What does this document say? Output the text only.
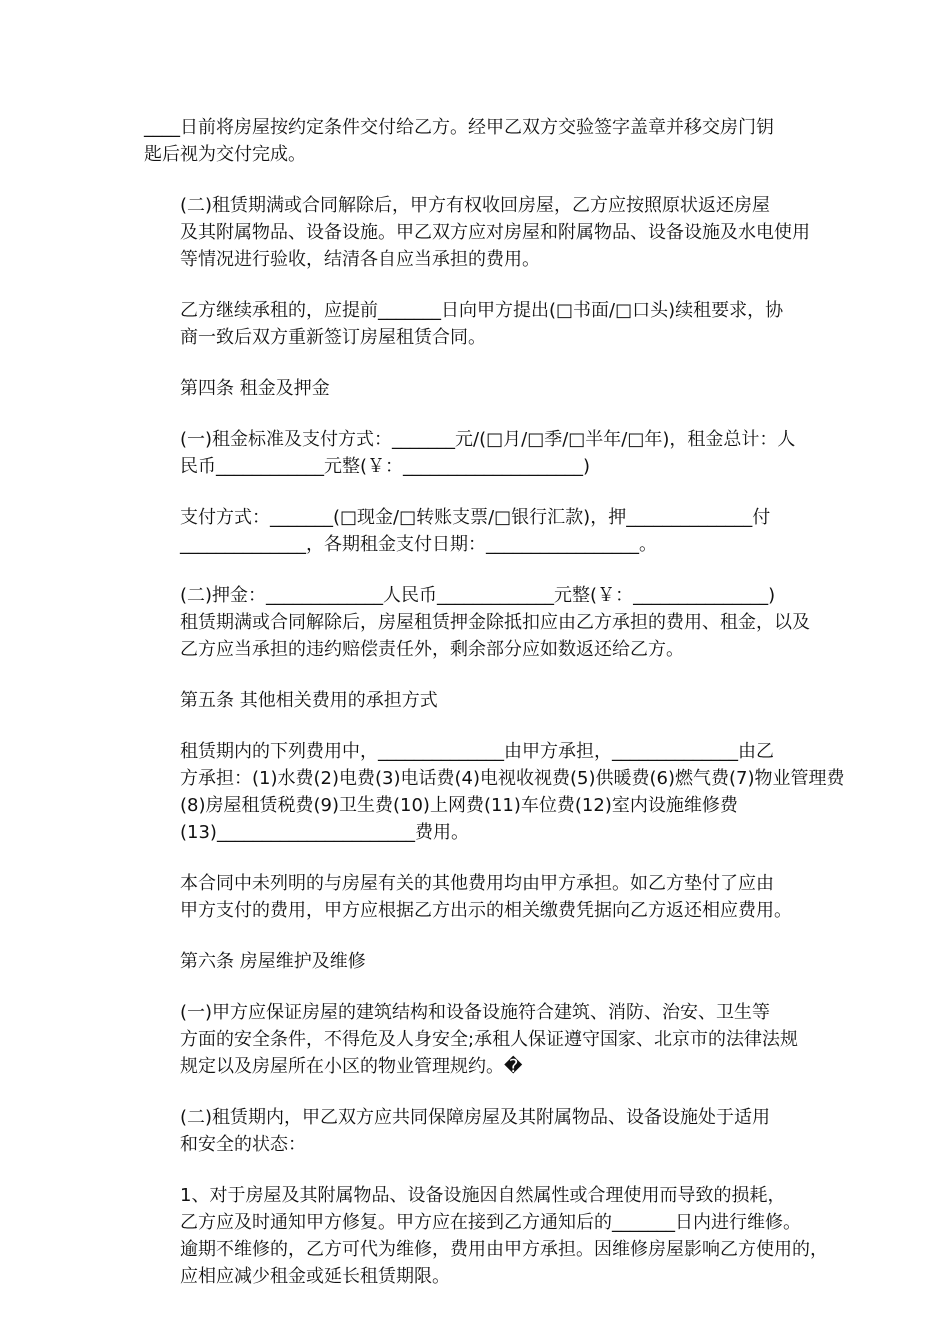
____日前将房屋按约定条件交付给乙方。经甲乙双方交验签字盖章并移交房门钥
匙后视为交付完成。

(二)租赁期满或合同解除后，甲方有权收回房屋，乙方应按照原状返还房屋
及其附属物品、设备设施。甲乙双方应对房屋和附属物品、设备设施及水电使用
等情况进行验收，结清各自应当承担的费用。

乙方继续承租的，应提前_______日向甲方提出(□书面/□口头)续租要求，协
商一致后双方重新签订房屋租赁合同。

第四条 租金及押金

(一)租金标准及支付方式：_______元/(□月/□季/□半年/□年)，租金总计：人
民币____________元整(￥：____________________)

支付方式：_______(□现金/□转账支票/□银行汇款)，押______________付
______________，各期租金支付日期：_________________。

(二)押金：_____________人民币_____________元整(￥：_______________)
租赁期满或合同解除后，房屋租赁押金除抵扣应由乙方承担的费用、租金，以及
乙方应当承担的违约赔偿责任外，剩余部分应如数返还给乙方。

第五条 其他相关费用的承担方式

租赁期内的下列费用中，______________由甲方承担，______________由乙
方承担：(1)水费(2)电费(3)电话费(4)电视收视费(5)供暖费(6)燃气费(7)物业管理费
(8)房屋租赁税费(9)卫生费(10)上网费(11)车位费(12)室内设施维修费
(13)______________________费用。

本合同中未列明的与房屋有关的其他费用均由甲方承担。如乙方垫付了应由
甲方支付的费用，甲方应根据乙方出示的相关缴费凭据向乙方返还相应费用。

第六条 房屋维护及维修

(一)甲方应保证房屋的建筑结构和设备设施符合建筑、消防、治安、卫生等
方面的安全条件，不得危及人身安全;承租人保证遵守国家、北京市的法律法规
规定以及房屋所在小区的物业管理规约。�

(二)租赁期内，甲乙双方应共同保障房屋及其附属物品、设备设施处于适用
和安全的状态：

1、对于房屋及其附属物品、设备设施因自然属性或合理使用而导致的损耗，
乙方应及时通知甲方修复。甲方应在接到乙方通知后的_______日内进行维修。
逾期不维修的，乙方可代为维修，费用由甲方承担。因维修房屋影响乙方使用的，
应相应减少租金或延长租赁期限。
